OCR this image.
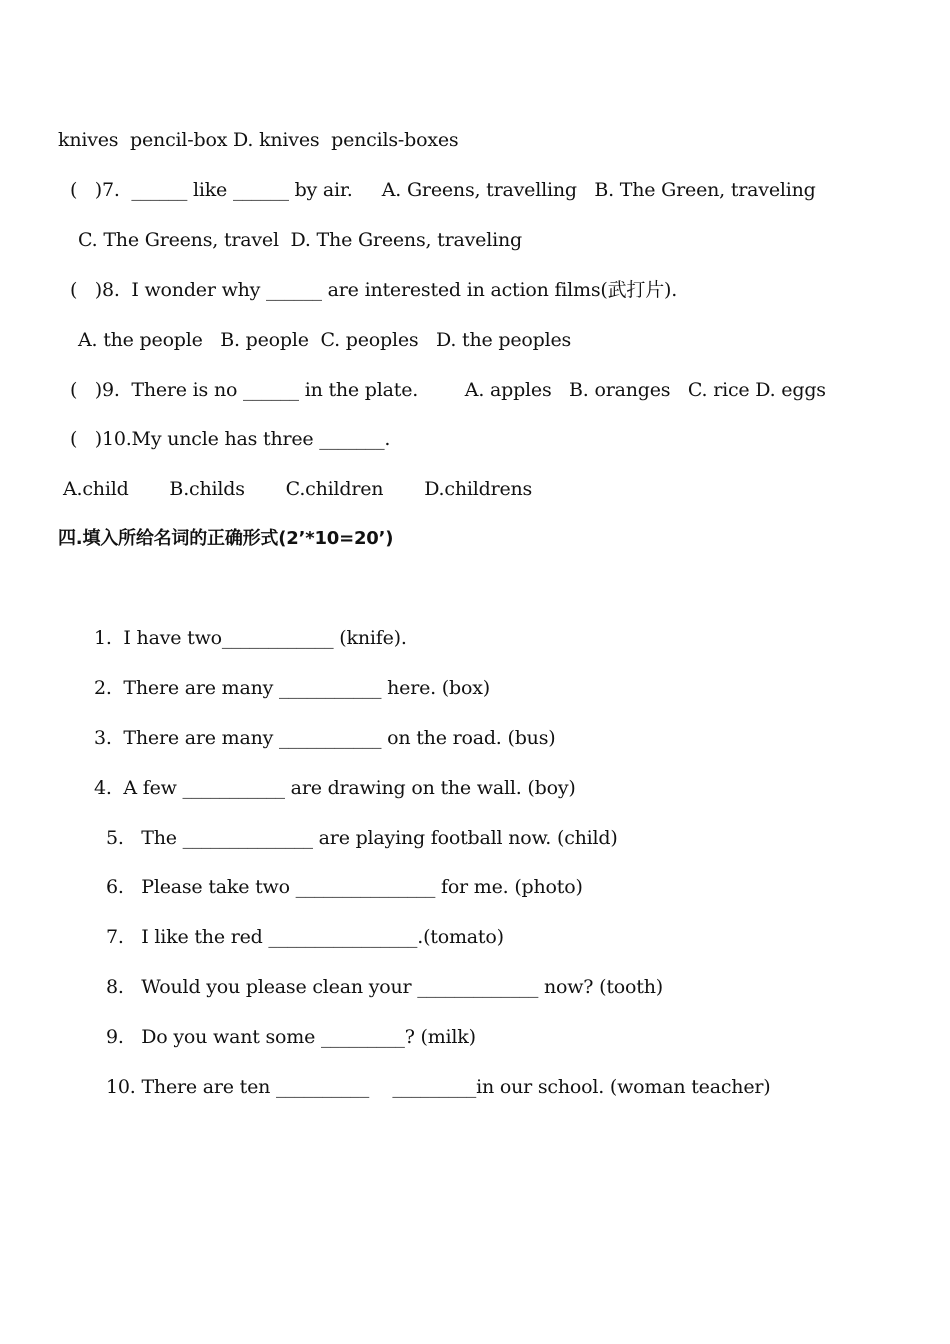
knives  pencil-box D. knives  pencils-boxes
(   )7.  ______ like ______ by air.     A. Greens, travelling   B. The Green, traveling
C. The Greens, travel  D. The Greens, traveling
(   )8.  I wonder why ______ are interested in action films(武打片).
A. the people   B. people  C. peoples   D. the peoples
(   )9.  There is no ______ in the plate.        A. apples   B. oranges   C. rice D. eggs
(   )10.My uncle has three _______.
A.child       B.childs       C.children       D.childrens
四.填入所给名词的正确形式(2’*10=20’)
1.  I have two____________ (knife).
2.  There are many ___________ here. (box)
3.  There are many ___________ on the road. (bus)
4.  A few ___________ are drawing on the wall. (boy)
5.   The ______________ are playing football now. (child)
6.   Please take two _______________ for me. (photo)
7.   I like the red ________________.(tomato)
8.   Would you please clean your _____________ now? (tooth)
9.   Do you want some _________? (milk)
10. There are ten __________    _________in our school. (woman teacher)
